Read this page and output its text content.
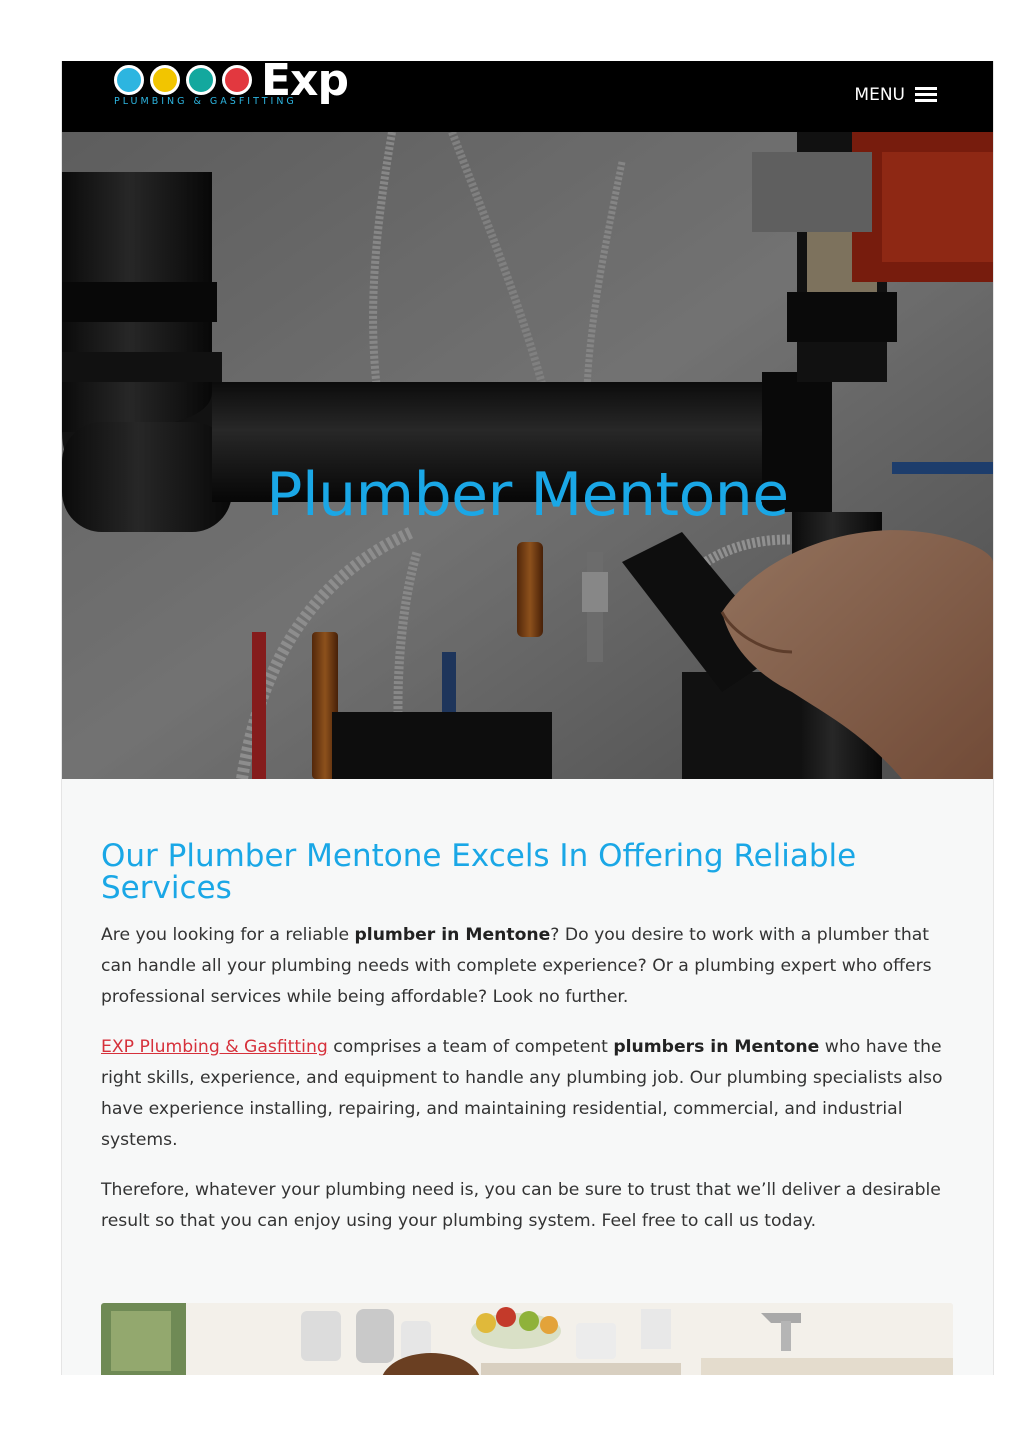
Exp
PLUMBING & GASFITTING	MENU
Plumber Mentone
Our Plumber Mentone Excels In Offering Reliable Services

Are you looking for a reliable plumber in Mentone? Do you desire to work with a plumber that can handle all your plumbing needs with complete experience? Or a plumbing expert who offers professional services while being affordable? Look no further.

EXP Plumbing & Gasfitting comprises a team of competent plumbers in Mentone who have the right skills, experience, and equipment to handle any plumbing job. Our plumbing specialists also have experience installing, repairing, and maintaining residential, commercial, and industrial systems.

Therefore, whatever your plumbing need is, you can be sure to trust that we’ll deliver a desirable result so that you can enjoy using your plumbing system. Feel free to call us today.
